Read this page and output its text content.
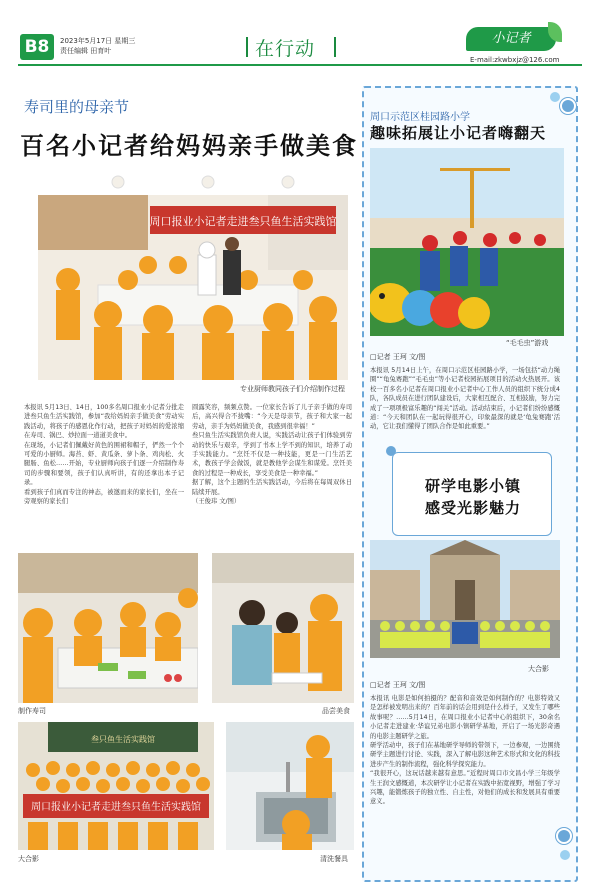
B8	2023年5月17日 星期三
责任编辑 田育叶	在行动	小记者
E-mail:zkwbxjz@126.com
寿司里的母亲节
百名小记者给妈妈亲手做美食
周口报业小记者走进叁只鱼生活实践馆
专业厨师教同孩子们介绍制作过程
本报讯 5月13日、14日，100多名周口报业小记者分批走进叁只鱼生活实践馆，参加“我给妈妈亲手做美食”劳动实践活动，将孩子的感恩化作行动，把孩子对妈妈的爱浓缩在寿司、锅巴、炒拉面一道道美食中。
在现场，小记者们佩戴好黄色的围裙和帽子，俨然一个个可爱的小厨师。海苔、虾、黄瓜条、萝卜条、鸡肉松、火腿肠、鱼松……开始，专业厨师向孩子们逐一介绍制作寿司的步骤和要领，孩子们认真听讲，有的还拿出本子记录。
看到孩子们真而专注的神态，被邀而来的家长们，坐在一旁观察的家长们
圆露笑容，频频点赞。一位家长告诉了儿子亲手做的寿司后，高兴得合不拢嘴：“今天是母亲节，孩子和大家一起劳动，亲手为妈妈做美食，我感到很幸福！”
叁只鱼生活实践馆负责人说，实践活动让孩子们体验到劳动的快乐与艰辛，学到了书本上学不到的知识，培养了动手实践能力。“烹饪不仅是一种技能，更是一门生活艺术，教孩子学会做饭，就是教他学会谋生和谋爱。烹饪美食的过程是一种成长，享受美食是一种幸福。”
据了解，这个主题的生活实践活动，今后将在每周双休日陆续开展。
（王俊玮 文/图）
制作寿司	品尝美食
叁只鱼生活实践馆
周口报业小记者走进叁只鱼生活实践馆
大合影	清洗餐具
周口示范区桂园路小学
趣味拓展让小记者嗨翻天
“毛毛虫”游戏
□记者 王珂 文/图
本报讯 5月14日上午，在周口示范区桂园路小学，一场包括“动力绳圈”“龟兔赛跑”“毛毛虫”等小记者校园拓展项目的活动火热展开。该校一百多名小记者在周口报业小记者中心工作人员的组织下统分成4队，各队成员在进行团队建设后，大家相互配合、互相鼓励，努力完成了一项项极富乐趣的“闯关”活动。活动结束后，小记者们纷纷感慨道：“今天和团队在一起玩得很开心，印象最深的就是‘龟兔赛跑’活动，它让我们懂得了团队合作是如此重要。”
研学电影小镇
感受光影魅力
大合影
□记者 王珂 文/图
本报讯 电影是如何拍摄的？配音和音效是如何制作的？电影特效又是怎样被发明出来的？百年前的话会用到是什么样子，又发生了哪些故事呢？……5月14日，在周口报业小记者中心的组织下，30余名小记者走进建业·华谊兄弟电影小镇研学基地，开启了一场光影奇遇的电影主题研学之旅。
研学活动中，孩子们在基地研学导师的带领下，一边参观，一边围绕研学主题进行讨论、实践，深入了解电影这种艺术形式和文化的科技进步产生的制作流程，强化科学探究能力。
“我很开心，这玩话越来越有意思。”近程时周口市文昌小学三年级学生王润文感慨道，本次研学让小记者在实践中拓宽视野，增强了学习兴趣，能锻炼孩子的独立性、自主性，对他们的成长和发展具有重要意义。
